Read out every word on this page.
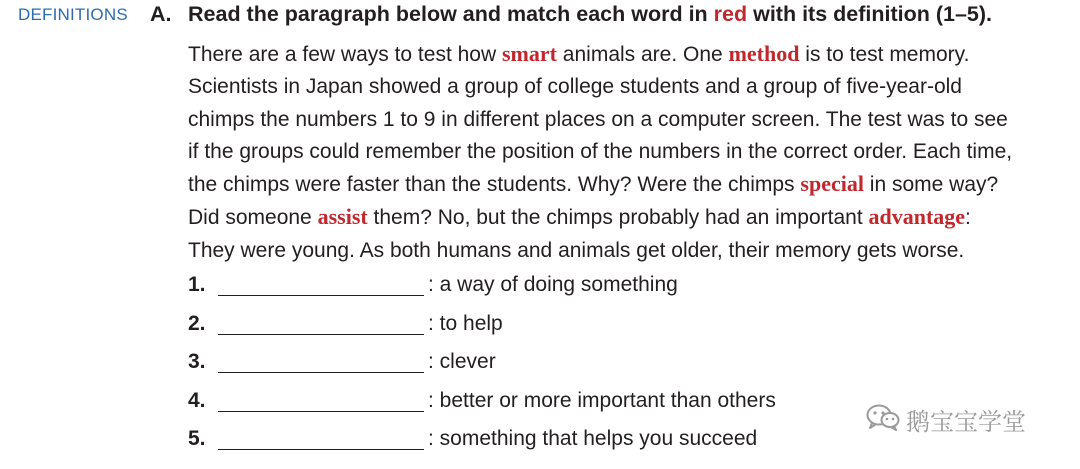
DEFINITIONS A. Read the paragraph below and match each word in red with its definition (1–5).
There are a few ways to test how smart animals are. One method is to test memory.
Scientists in Japan showed a group of college students and a group of five-year-old
chimps the numbers 1 to 9 in different places on a computer screen. The test was to see
if the groups could remember the position of the numbers in the correct order. Each time,
the chimps were faster than the students. Why? Were the chimps special in some way?
Did someone assist them? No, but the chimps probably had an important advantage:
They were young. As both humans and animals get older, their memory gets worse.
1.	: a way of doing something
2.	: to help
3.	: clever
4.	: better or more important than others
5.	: something that helps you succeed
鹅宝宝学堂
